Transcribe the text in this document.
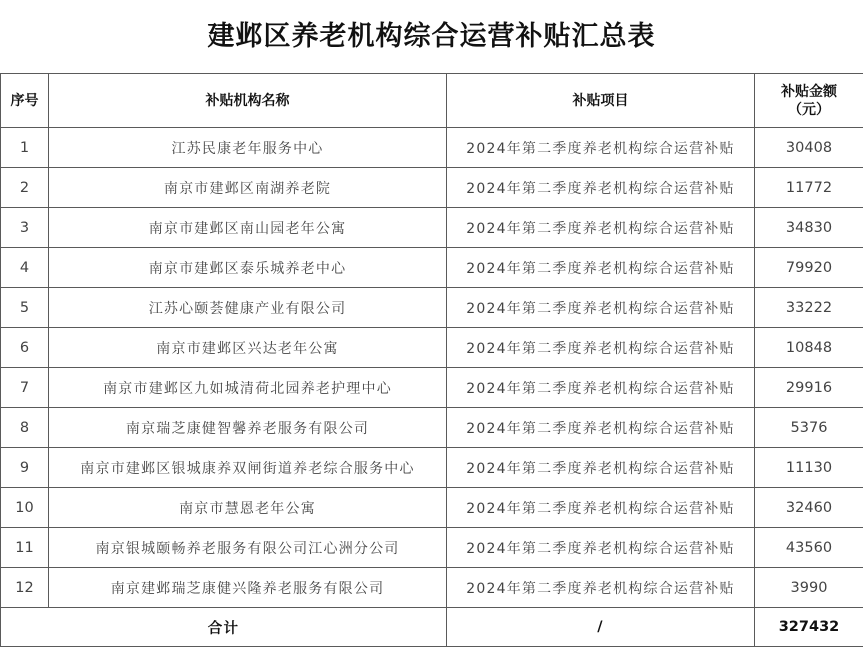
建邺区养老机构综合运营补贴汇总表
序号	补贴机构名称	补贴项目	补贴金额
（元）

1	江苏民康老年服务中心	2024年第二季度养老机构综合运营补贴	30408
2	南京市建邺区南湖养老院	2024年第二季度养老机构综合运营补贴	11772
3	南京市建邺区南山园老年公寓	2024年第二季度养老机构综合运营补贴	34830
4	南京市建邺区泰乐城养老中心	2024年第二季度养老机构综合运营补贴	79920
5	江苏心颐荟健康产业有限公司	2024年第二季度养老机构综合运营补贴	33222
6	南京市建邺区兴达老年公寓	2024年第二季度养老机构综合运营补贴	10848
7	南京市建邺区九如城清荷北园养老护理中心	2024年第二季度养老机构综合运营补贴	29916
8	南京瑞芝康健智馨养老服务有限公司	2024年第二季度养老机构综合运营补贴	5376
9	南京市建邺区银城康养双闸街道养老综合服务中心	2024年第二季度养老机构综合运营补贴	11130
10	南京市慧恩老年公寓	2024年第二季度养老机构综合运营补贴	32460
11	南京银城颐畅养老服务有限公司江心洲分公司	2024年第二季度养老机构综合运营补贴	43560
12	南京建邺瑞芝康健兴隆养老服务有限公司	2024年第二季度养老机构综合运营补贴	3990
合计		/	327432
